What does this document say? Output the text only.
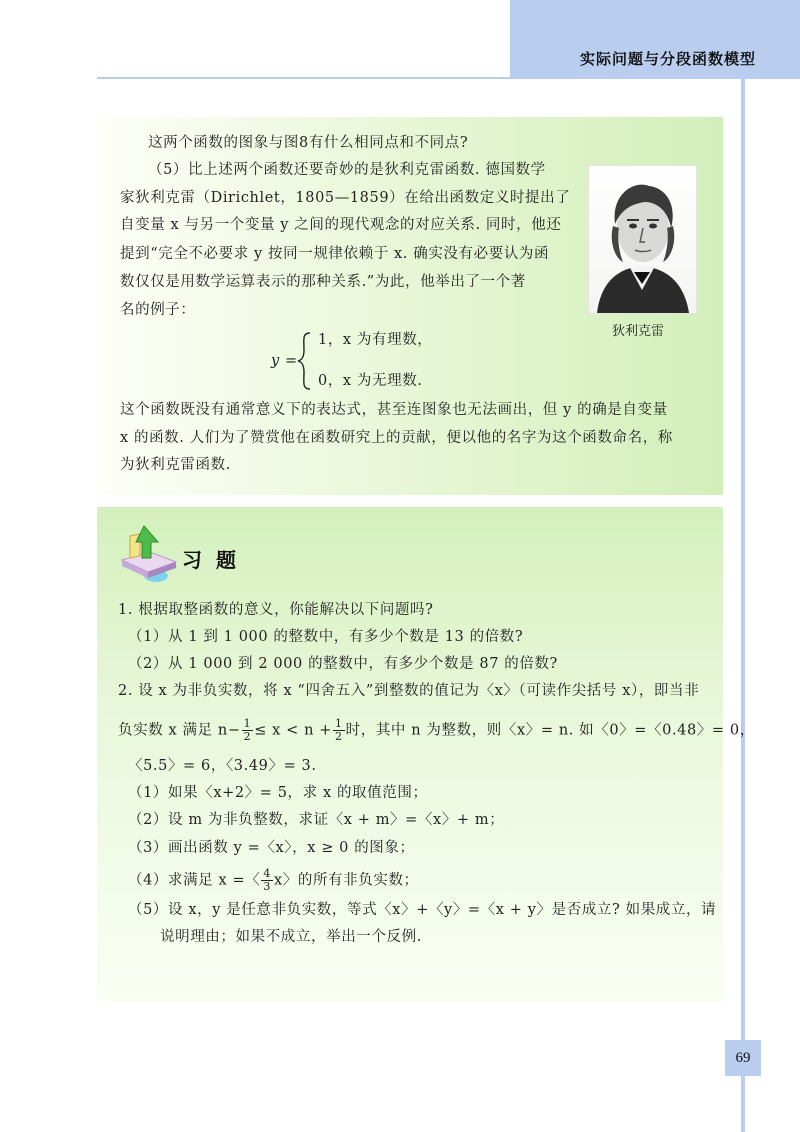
实际问题与分段函数模型
这两个函数的图象与图8有什么相同点和不同点?
（5）比上述两个函数还要奇妙的是狄利克雷函数. 德国数学
家狄利克雷（Dirichlet，1805—1859）在给出函数定义时提出了
自变量 x 与另一个变量 y 之间的现代观念的对应关系. 同时，他还
提到“完全不必要求 y 按同一规律依赖于 x. 确实没有必要认为函
数仅仅是用数学运算表示的那种关系.”为此，他举出了一个著
名的例子：
狄利克雷
y =
1，x 为有理数，
0，x 为无理数.
这个函数既没有通常意义下的表达式，甚至连图象也无法画出，但 y 的确是自变量
x 的函数. 人们为了赞赏他在函数研究上的贡献，便以他的名字为这个函数命名，称
为狄利克雷函数.
习题
1. 根据取整函数的意义，你能解决以下问题吗?
（1）从 1 到 1 000 的整数中，有多少个数是 13 的倍数?
（2）从 1 000 到 2 000 的整数中，有多少个数是 87 的倍数?
2. 设 x 为非负实数，将 x “四舍五入”到整数的值记为〈x〉（可读作尖括号 x），即当非
负实数 x 满足 $n- \frac{1}{2} \le x < n + \frac{1}{2}$ 时，其中 n 为整数，则〈x〉= n. 如〈0〉=〈0.48〉= 0，
〈5.5〉= 6，〈3.49〉= 3.
（1）如果〈x+2〉= 5，求 x 的取值范围；
（2）设 m 为非负整数，求证〈x + m〉=〈x〉+ m；
（3）画出函数 y =〈x〉，x ≥ 0 的图象；
（4）求满足 x =〈 $\frac{4}{3}$ x〉的所有非负实数；
（5）设 x，y 是任意非负实数，等式〈x〉+〈y〉=〈x + y〉是否成立? 如果成立，请
说明理由；如果不成立，举出一个反例.
69
